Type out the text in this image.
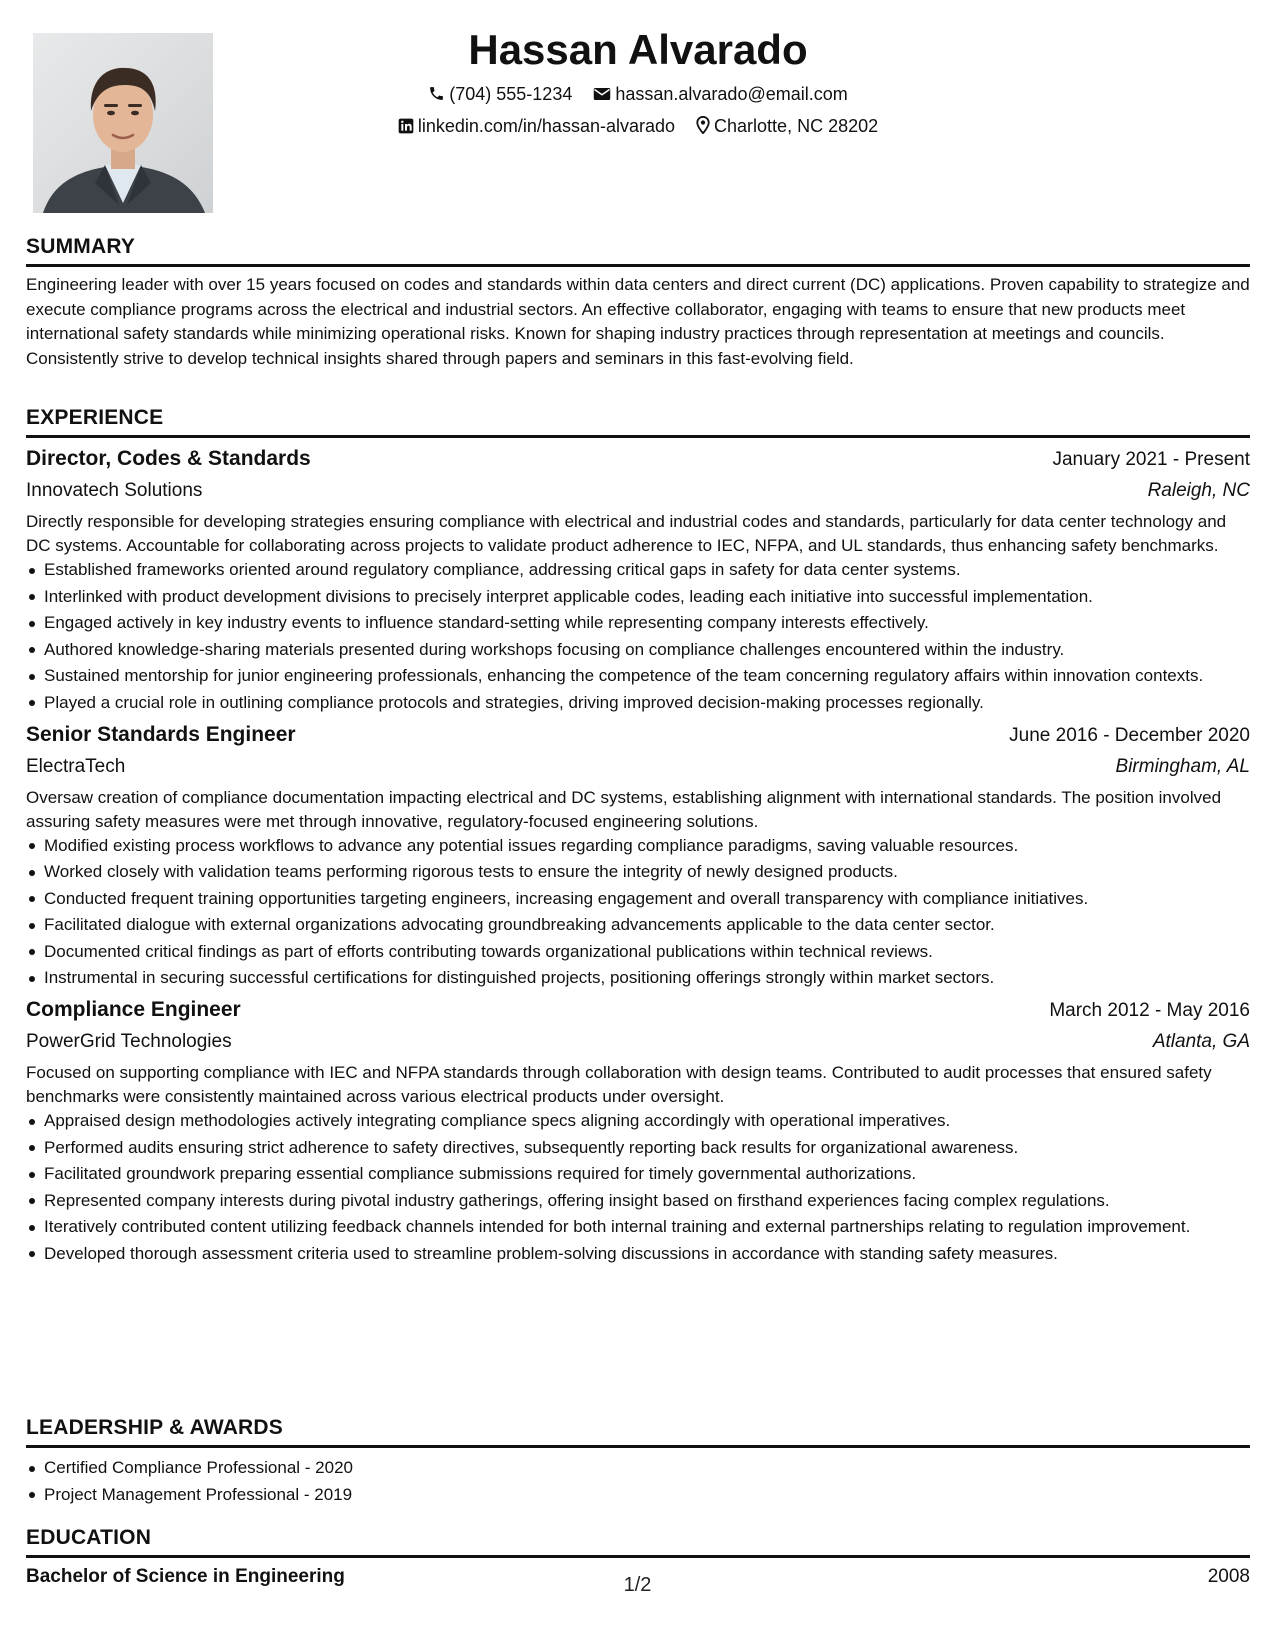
Hassan Alvarado
(704) 555-1234 hassan.alvarado@email.com
linkedin.com/in/hassan-alvarado Charlotte, NC 28202
SUMMARY

Engineering leader with over 15 years focused on codes and standards within data centers and direct current (DC) applications. Proven capability to strategize and execute compliance programs across the electrical and industrial sectors. An effective collaborator, engaging with teams to ensure that new products meet international safety standards while minimizing operational risks. Known for shaping industry practices through representation at meetings and councils. Consistently strive to develop technical insights shared through papers and seminars in this fast-evolving field.

EXPERIENCE
Director, Codes & Standards	January 2021 - Present
Innovatech Solutions	Raleigh, NC

Directly responsible for developing strategies ensuring compliance with electrical and industrial codes and standards, particularly for data center technology and DC systems. Accountable for collaborating across projects to validate product adherence to IEC, NFPA, and UL standards, thus enhancing safety benchmarks.

Established frameworks oriented around regulatory compliance, addressing critical gaps in safety for data center systems.
Interlinked with product development divisions to precisely interpret applicable codes, leading each initiative into successful implementation.
Engaged actively in key industry events to influence standard-setting while representing company interests effectively.
Authored knowledge-sharing materials presented during workshops focusing on compliance challenges encountered within the industry.
Sustained mentorship for junior engineering professionals, enhancing the competence of the team concerning regulatory affairs within innovation contexts.
Played a crucial role in outlining compliance protocols and strategies, driving improved decision-making processes regionally.
Senior Standards Engineer	June 2016 - December 2020
ElectraTech	Birmingham, AL

Oversaw creation of compliance documentation impacting electrical and DC systems, establishing alignment with international standards. The position involved assuring safety measures were met through innovative, regulatory-focused engineering solutions.

Modified existing process workflows to advance any potential issues regarding compliance paradigms, saving valuable resources.
Worked closely with validation teams performing rigorous tests to ensure the integrity of newly designed products.
Conducted frequent training opportunities targeting engineers, increasing engagement and overall transparency with compliance initiatives.
Facilitated dialogue with external organizations advocating groundbreaking advancements applicable to the data center sector.
Documented critical findings as part of efforts contributing towards organizational publications within technical reviews.
Instrumental in securing successful certifications for distinguished projects, positioning offerings strongly within market sectors.
Compliance Engineer	March 2012 - May 2016
PowerGrid Technologies	Atlanta, GA

Focused on supporting compliance with IEC and NFPA standards through collaboration with design teams. Contributed to audit processes that ensured safety benchmarks were consistently maintained across various electrical products under oversight.

Appraised design methodologies actively integrating compliance specs aligning accordingly with operational imperatives.
Performed audits ensuring strict adherence to safety directives, subsequently reporting back results for organizational awareness.
Facilitated groundwork preparing essential compliance submissions required for timely governmental authorizations.
Represented company interests during pivotal industry gatherings, offering insight based on firsthand experiences facing complex regulations.
Iteratively contributed content utilizing feedback channels intended for both internal training and external partnerships relating to regulation improvement.
Developed thorough assessment criteria used to streamline problem-solving discussions in accordance with standing safety measures.
LEADERSHIP & AWARDS
Certified Compliance Professional - 2020
Project Management Professional - 2019
EDUCATION
Bachelor of Science in Engineering	2008
1/2
